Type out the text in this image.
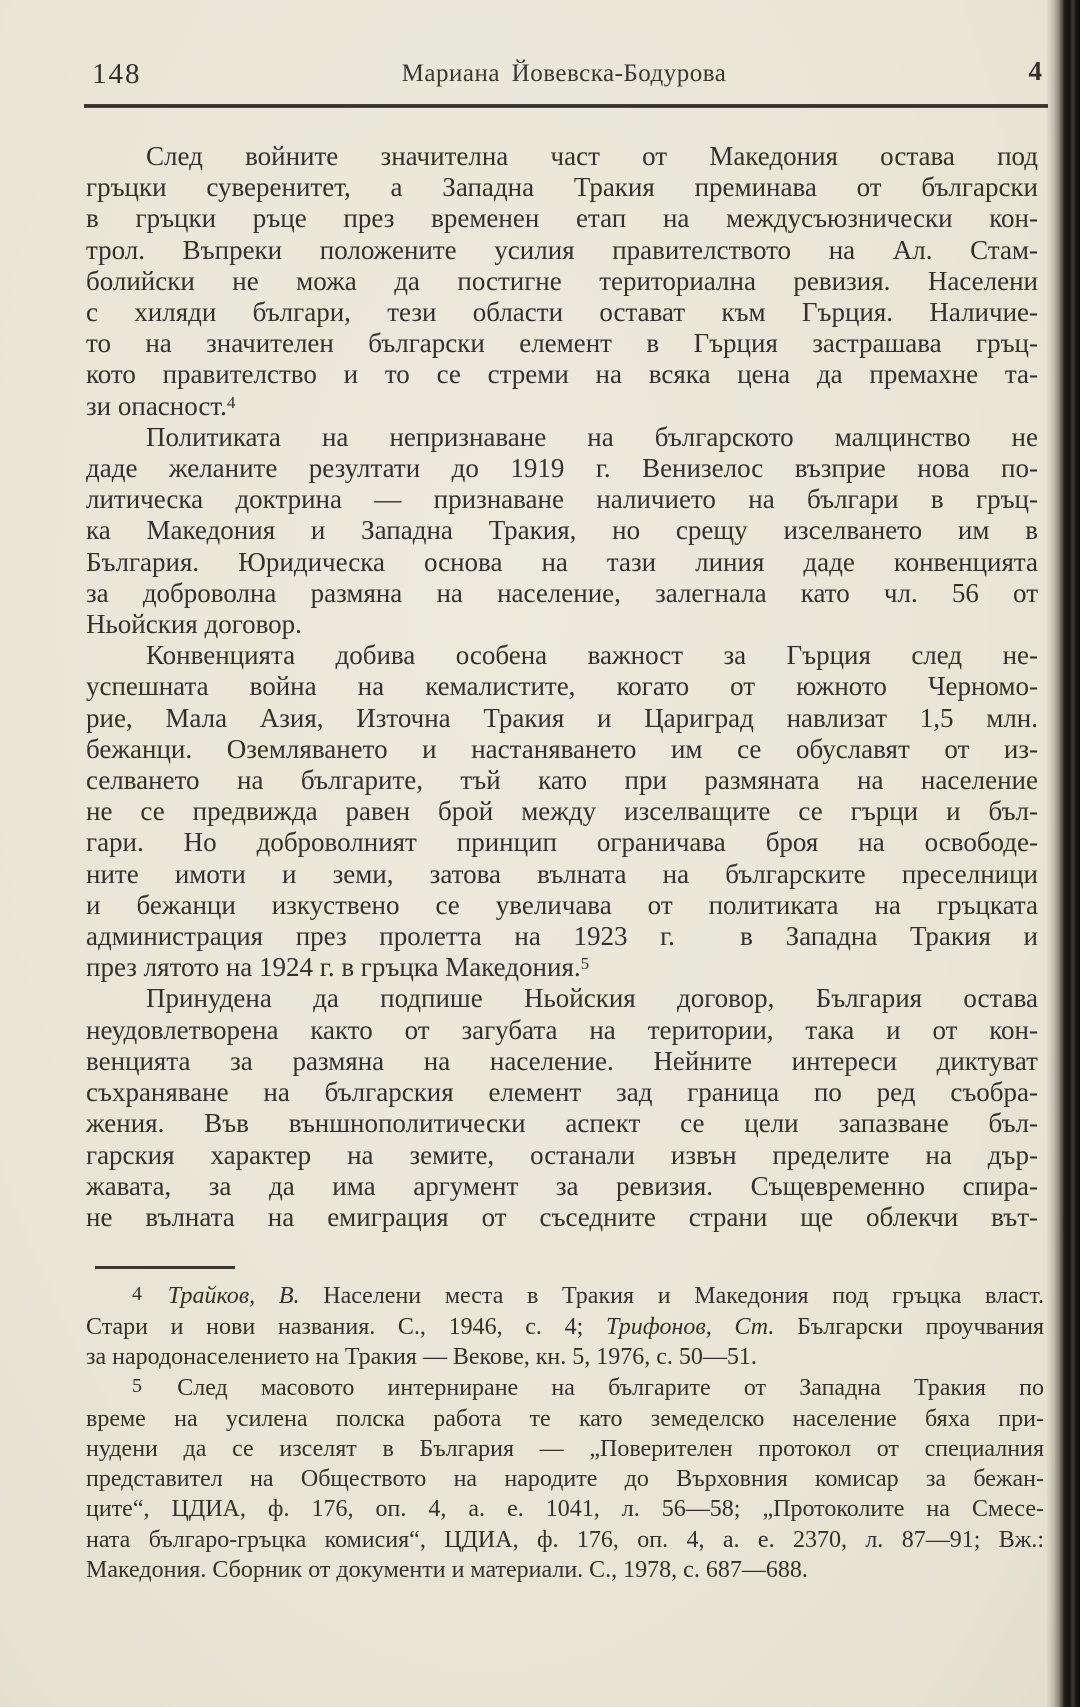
148	Мариана Йовевска-Бодурова	4
След войните значителна част от Македония остава под
гръцки суверенитет, а Западна Тракия преминава от български
в гръцки ръце през временен етап на междусъюзнически кон-
трол. Въпреки положените усилия правителството на Ал. Стам-
болийски не можа да постигне териториална ревизия. Населени
с хиляди българи, тези области остават към Гърция. Наличие-
то на значителен български елемент в Гърция застрашава гръц-
кото правителство и то се стреми на всяка цена да премахне та-
зи опасност.$^4$
Политиката на непризнаване на българското малцинство не
даде желаните резултати до 1919 г. Венизелос възприе нова по-
литическа доктрина — признаване наличието на българи в гръц-
ка Македония и Западна Тракия, но срещу изселването им в
България. Юридическа основа на тази линия даде конвенцията
за доброволна размяна на население, залегнала като чл. 56 от
Ньойския договор.
Конвенцията добива особена важност за Гърция след не-
успешната война на кемалистите, когато от южното Черномо-
рие, Мала Азия, Източна Тракия и Цариград навлизат 1,5 млн.
бежанци. Оземляването и настаняването им се обуславят от из-
селването на българите, тъй като при размяната на население
не се предвижда равен брой между изселващите се гърци и бъл-
гари. Но доброволният принцип ограничава броя на освободе-
ните имоти и земи, затова вълната на българските преселници
и бежанци изкуствено се увеличава от политиката на гръцката
администрация през пролетта на 1923 г.  в Западна Тракия и
през лятото на 1924 г. в гръцка Македония.$^5$
Принудена да подпише Ньойския договор, България остава
неудовлетворена както от загубата на територии, така и от кон-
венцията за размяна на население. Нейните интереси диктуват
съхраняване на българския елемент зад граница по ред съобра-
жения. Във външнополитически аспект се цели запазване бъл-
гарския характер на земите, останали извън пределите на дър-
жавата, за да има аргумент за ревизия. Същевременно спира-
не вълната на емиграция от съседните страни ще облекчи вът-
4 Трайков, В. Населени места в Тракия и Македония под гръцка власт.
Стари и нови названия. С., 1946, с. 4; Трифонов, Ст. Български проучвания
за народонаселението на Тракия — Векове, кн. 5, 1976, с. 50—51.
5 След масовото интерниране на българите от Западна Тракия по
време на усилена полска работа те като земеделско население бяха при-
нудени да се изселят в България — „Поверителен протокол от специалния
представител на Обществото на народите до Върховния комисар за бежан-
ците“, ЦДИА, ф. 176, оп. 4, а. е. 1041, л. 56—58; „Протоколите на Смесе-
ната българо-гръцка комисия“, ЦДИА, ф. 176, оп. 4, а. е. 2370, л. 87—91; Вж.:
Македония. Сборник от документи и материали. С., 1978, с. 687—688.
